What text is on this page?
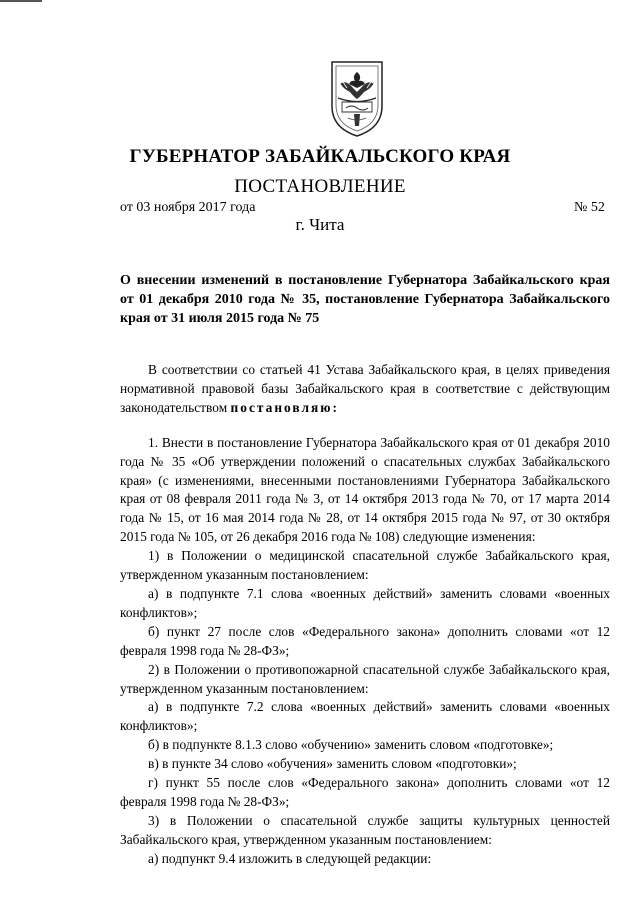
ГУБЕРНАТОР ЗАБАЙКАЛЬСКОГО КРАЯ
ПОСТАНОВЛЕНИЕ
от 03 ноября 2017 года	№ 52
г. Чита
О внесении изменений в постановление Губернатора Забайкальского края от 01 декабря 2010 года № 35, постановление Губернатора Забайкальского края от 31 июля 2015 года № 75

В соответствии со статьей 41 Устава Забайкальского края, в целях приведения нормативной правовой базы Забайкальского края в соответствие с действующим законодательством постановляю:

1. Внести в постановление Губернатора Забайкальского края от 01 декабря 2010 года № 35 «Об утверждении положений о спасательных службах Забайкальского края» (с изменениями, внесенными постановлениями Губернатора Забайкальского края от 08 февраля 2011 года № 3, от 14 октября 2013 года № 70, от 17 марта 2014 года № 15, от 16 мая 2014 года № 28, от 14 октября 2015 года № 97, от 30 октября 2015 года № 105, от 26 декабря 2016 года № 108) следующие изменения:

1) в Положении о медицинской спасательной службе Забайкальского края, утвержденном указанным постановлением:

а) в подпункте 7.1 слова «военных действий» заменить словами «военных конфликтов»;

б) пункт 27 после слов «Федерального закона» дополнить словами «от 12 февраля 1998 года № 28-ФЗ»;

2) в Положении о противопожарной спасательной службе Забайкальского края, утвержденном указанным постановлением:

а) в подпункте 7.2 слова «военных действий» заменить словами «военных конфликтов»;

б) в подпункте 8.1.3 слово «обучению» заменить словом «подготовке»;

в) в пункте 34 слово «обучения» заменить словом «подготовки»;

г) пункт 55 после слов «Федерального закона» дополнить словами «от 12 февраля 1998 года № 28-ФЗ»;

3) в Положении о спасательной службе защиты культурных ценностей Забайкальского края, утвержденном указанным постановлением:

а) подпункт 9.4 изложить в следующей редакции:
